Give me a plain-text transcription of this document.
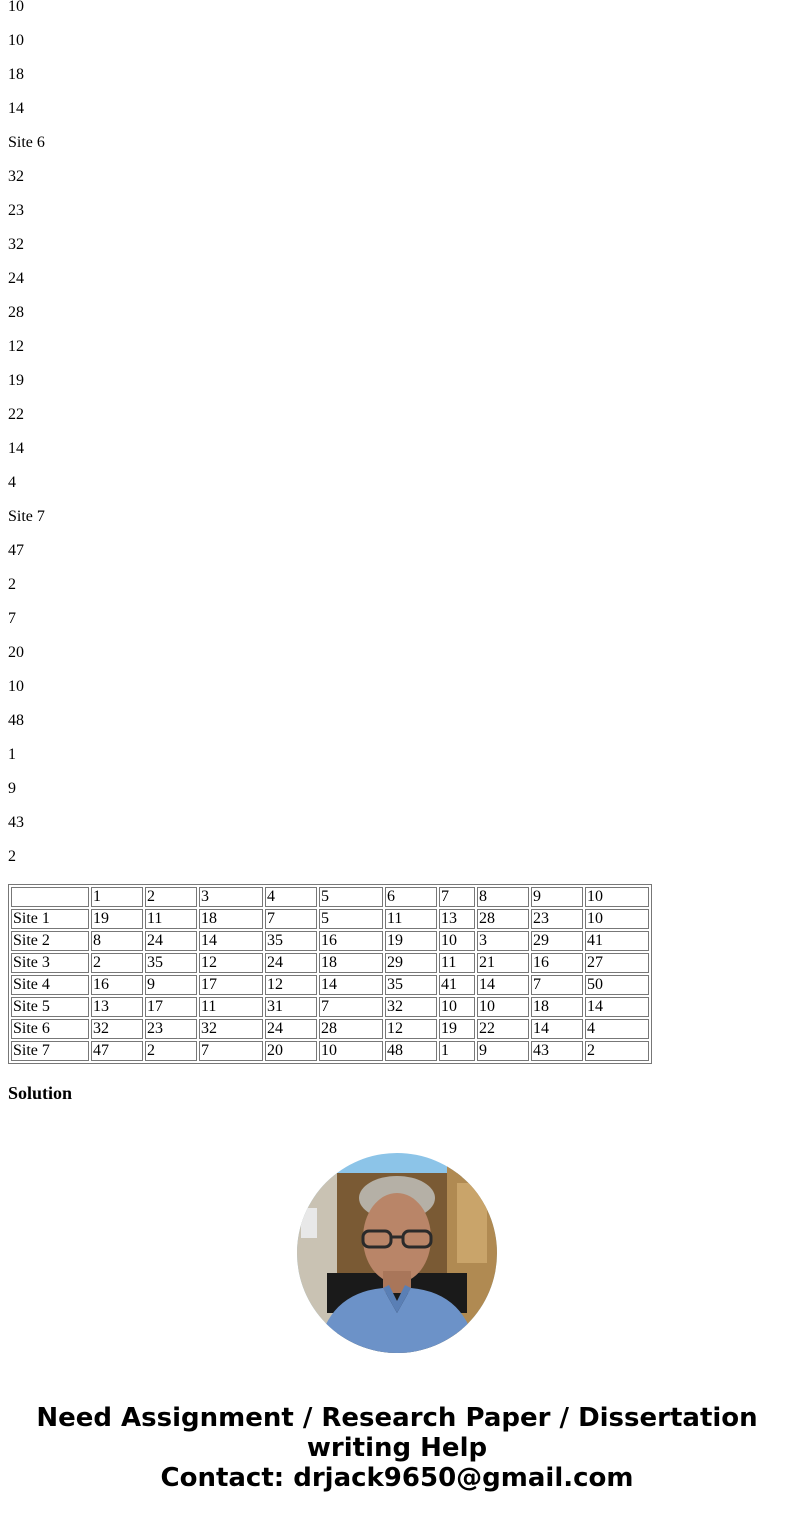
10
10
18
14
Site 6
32
23
32
24
28
12
19
22
14
4
Site 7
47
2
7
20
10
48
1
9
43
2
	1	2	3	4	5	6	7	8	9	10
Site 1	19	11	18	7	5	11	13	28	23	10
Site 2	8	24	14	35	16	19	10	3	29	41
Site 3	2	35	12	24	18	29	11	21	16	27
Site 4	16	9	17	12	14	35	41	14	7	50
Site 5	13	17	11	31	7	32	10	10	18	14
Site 6	32	23	32	24	28	12	19	22	14	4
Site 7	47	2	7	20	10	48	1	9	43	2
Solution
Need Assignment / Research Paper / Dissertation
writing Help
Contact: drjack9650@gmail.com
